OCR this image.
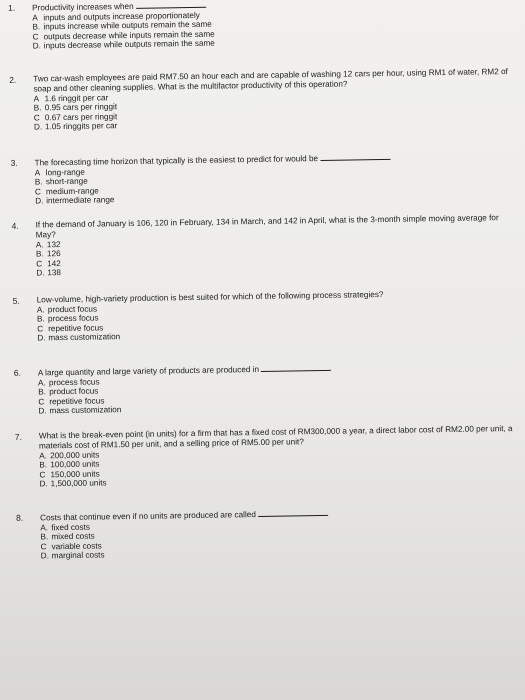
1. Productivity increases when
A inputs and outputs increase proportionately
B. inputs increase while outputs remain the same
C outputs decrease while inputs remain the same
D. inputs decrease while outputs remain the same
2. Two car-wash employees are paid RM7.50 an hour each and are capable of washing 12 cars per hour, using RM1 of water, RM2 of soap and other cleaning supplies. What is the multifactor productivity of this operation?
A 1.6 ringgit per car
B. 0.95 cars per ringgit
C 0.67 cars per ringgit
D. 1.05 ringgits per car
3. The forecasting time horizon that typically is the easiest to predict for would be
A long-range
B. short-range
C medium-range
D. intermediate range
4. If the demand of January is 106, 120 in February, 134 in March, and 142 in April, what is the 3-month simple moving average for May?
A. 132
B. 126
C 142
D. 138
5. Low-volume, high-variety production is best suited for which of the following process strategies?
A. product focus
B. process focus
C repetitive focus
D. mass customization
6. A large quantity and large variety of products are produced in
A. process focus
B. product focus
C repetitive focus
D. mass customization
7. What is the break-even point (in units) for a firm that has a fixed cost of RM300,000 a year, a direct labor cost of RM2.00 per unit, a materials cost of RM1.50 per unit, and a selling price of RM5.00 per unit?
A. 200,000 units
B. 100,000 units
C 150,000 units
D. 1,500,000 units
8. Costs that continue even if no units are produced are called
A. fixed costs
B. mixed costs
C variable costs
D. marginal costs
